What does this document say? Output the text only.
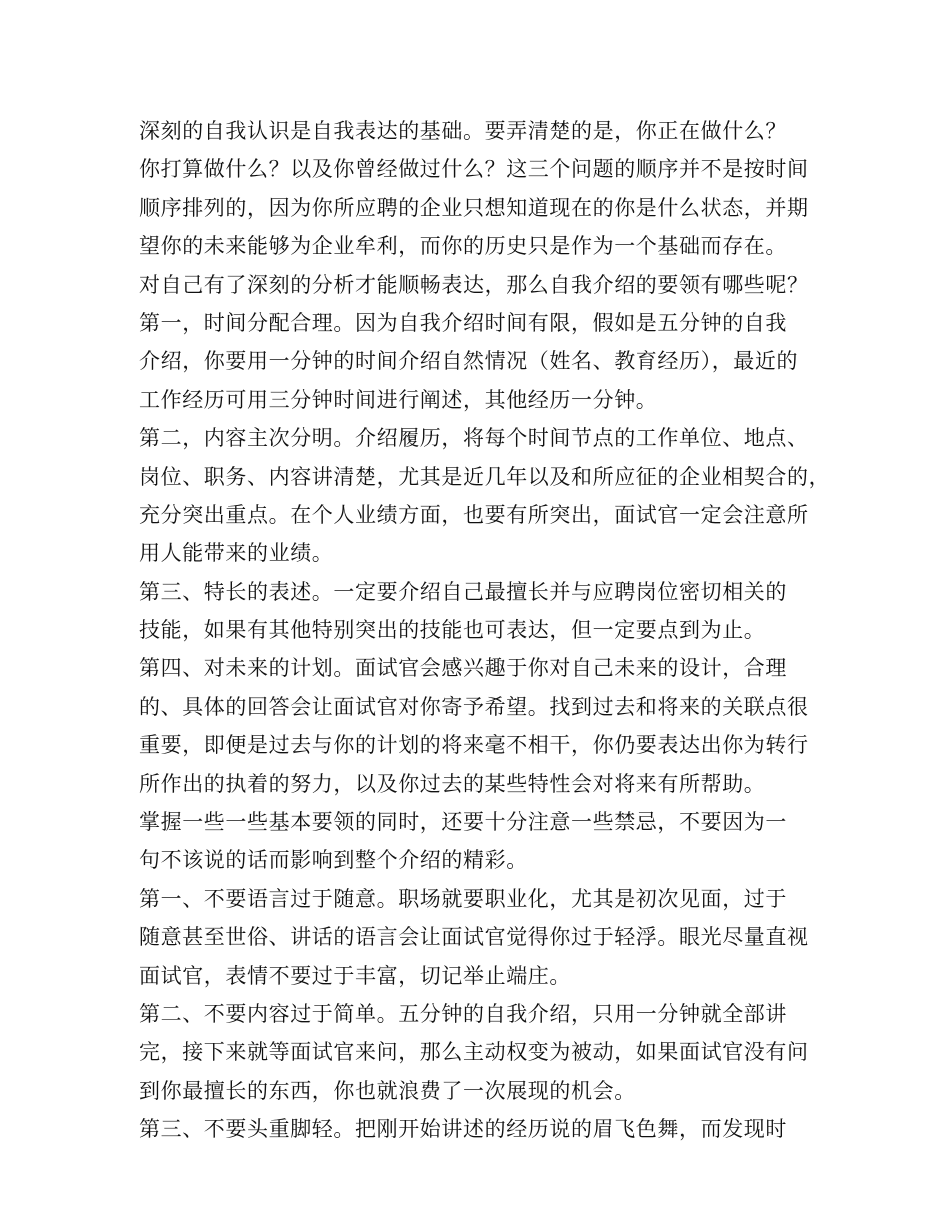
深刻的自我认识是自我表达的基础。要弄清楚的是，你正在做什么？
你打算做什么？以及你曾经做过什么？这三个问题的顺序并不是按时间
顺序排列的，因为你所应聘的企业只想知道现在的你是什么状态，并期
望你的未来能够为企业牟利，而你的历史只是作为一个基础而存在。
对自己有了深刻的分析才能顺畅表达，那么自我介绍的要领有哪些呢？
第一，时间分配合理。因为自我介绍时间有限，假如是五分钟的自我
介绍，你要用一分钟的时间介绍自然情况（姓名、教育经历），最近的
工作经历可用三分钟时间进行阐述，其他经历一分钟。
第二，内容主次分明。介绍履历，将每个时间节点的工作单位、地点、
岗位、职务、内容讲清楚，尤其是近几年以及和所应征的企业相契合的，
充分突出重点。在个人业绩方面，也要有所突出，面试官一定会注意所
用人能带来的业绩。
第三、特长的表述。一定要介绍自己最擅长并与应聘岗位密切相关的
技能，如果有其他特别突出的技能也可表达，但一定要点到为止。
第四、对未来的计划。面试官会感兴趣于你对自己未来的设计，合理
的、具体的回答会让面试官对你寄予希望。找到过去和将来的关联点很
重要，即便是过去与你的计划的将来毫不相干，你仍要表达出你为转行
所作出的执着的努力，以及你过去的某些特性会对将来有所帮助。
掌握一些一些基本要领的同时，还要十分注意一些禁忌，不要因为一
句不该说的话而影响到整个介绍的精彩。
第一、不要语言过于随意。职场就要职业化，尤其是初次见面，过于
随意甚至世俗、讲话的语言会让面试官觉得你过于轻浮。眼光尽量直视
面试官，表情不要过于丰富，切记举止端庄。
第二、不要内容过于简单。五分钟的自我介绍，只用一分钟就全部讲
完，接下来就等面试官来问，那么主动权变为被动，如果面试官没有问
到你最擅长的东西，你也就浪费了一次展现的机会。
第三、不要头重脚轻。把刚开始讲述的经历说的眉飞色舞，而发现时
